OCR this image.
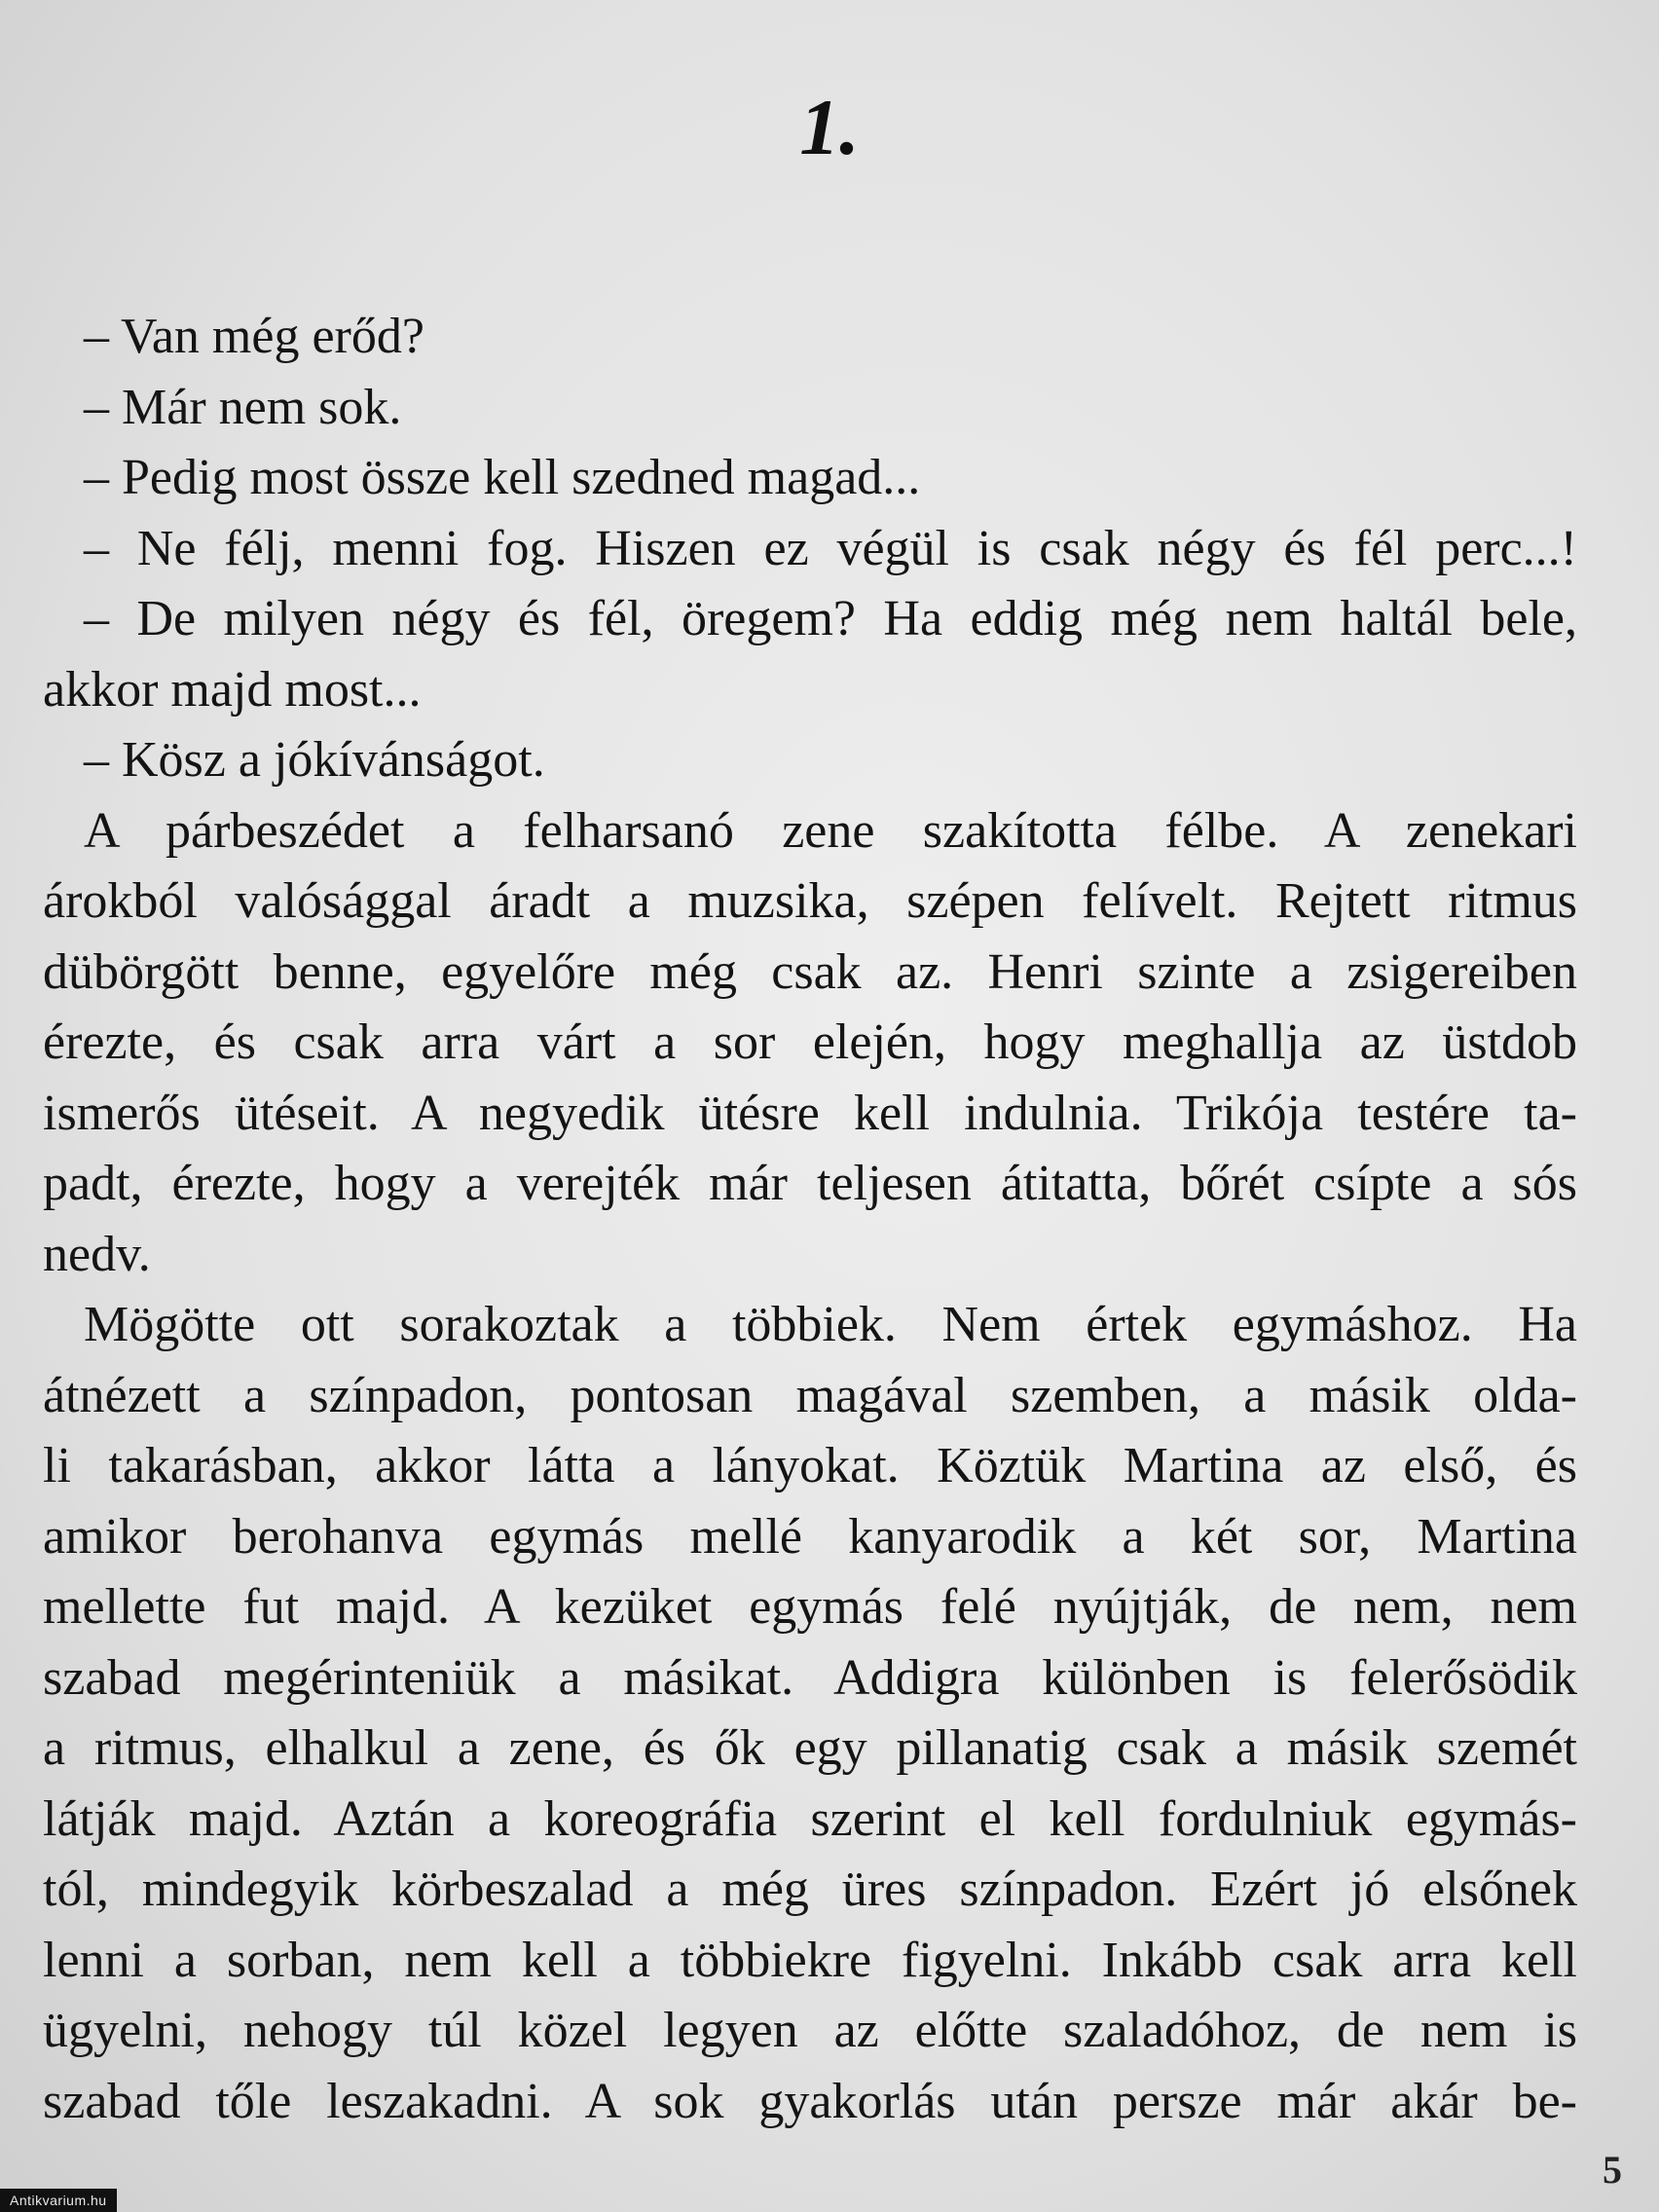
1.
– Van még erőd?
– Már nem sok.
– Pedig most össze kell szedned magad...
– Ne félj, menni fog. Hiszen ez végül is csak négy és fél perc...!
– De milyen négy és fél, öregem? Ha eddig még nem haltál bele,
akkor majd most...
– Kösz a jókívánságot.
A párbeszédet a felharsanó zene szakította félbe. A zenekari
árokból valósággal áradt a muzsika, szépen felívelt. Rejtett ritmus
dübörgött benne, egyelőre még csak az. Henri szinte a zsigereiben
érezte, és csak arra várt a sor elején, hogy meghallja az üstdob
ismerős ütéseit. A negyedik ütésre kell indulnia. Trikója testére ta-
padt, érezte, hogy a verejték már teljesen átitatta, bőrét csípte a sós
nedv.
Mögötte ott sorakoztak a többiek. Nem értek egymáshoz. Ha
átnézett a színpadon, pontosan magával szemben, a másik olda-
li takarásban, akkor látta a lányokat. Köztük Martina az első, és
amikor berohanva egymás mellé kanyarodik a két sor, Martina
mellette fut majd. A kezüket egymás felé nyújtják, de nem, nem
szabad megérinteniük a másikat. Addigra különben is felerősödik
a ritmus, elhalkul a zene, és ők egy pillanatig csak a másik szemét
látják majd. Aztán a koreográfia szerint el kell fordulniuk egymás-
tól, mindegyik körbeszalad a még üres színpadon. Ezért jó elsőnek
lenni a sorban, nem kell a többiekre figyelni. Inkább csak arra kell
ügyelni, nehogy túl közel legyen az előtte szaladóhoz, de nem is
szabad tőle leszakadni. A sok gyakorlás után persze már akár be-
5
Antikvarium.hu
